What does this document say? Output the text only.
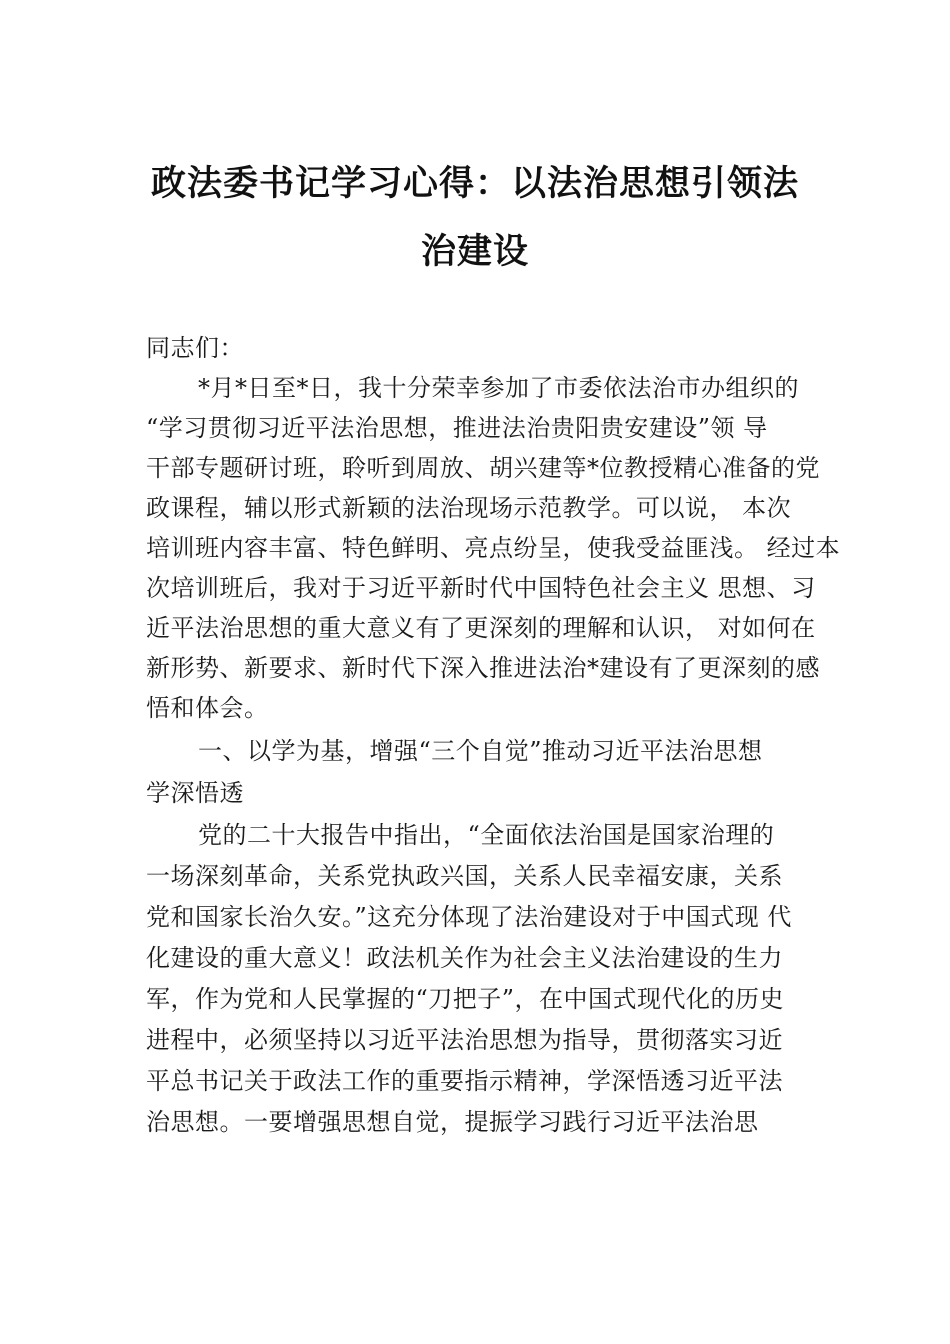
政法委书记学习心得：以法治思想引领法
治建设
同志们：
*月*日至*日，我十分荣幸参加了市委依法治市办组织的
“学习贯彻习近平法治思想，推进法治贵阳贵安建设”领 导
干部专题研讨班，聆听到周放、胡兴建等*位教授精心准备的党
政课程，辅以形式新颖的法治现场示范教学。可以说， 本次
培训班内容丰富、特色鲜明、亮点纷呈，使我受益匪浅。 经过本
次培训班后，我对于习近平新时代中国特色社会主义 思想、习
近平法治思想的重大意义有了更深刻的理解和认识， 对如何在
新形势、新要求、新时代下深入推进法治*建设有了更深刻的感
悟和体会。
一、以学为基，增强“三个自觉”推动习近平法治思想
学深悟透
党的二十大报告中指出，“全面依法治国是国家治理的
一场深刻革命，关系党执政兴国，关系人民幸福安康，关系
党和国家长治久安。”这充分体现了法治建设对于中国式现 代
化建设的重大意义！政法机关作为社会主义法治建设的生力
军，作为党和人民掌握的“刀把子”，在中国式现代化的历史
进程中，必须坚持以习近平法治思想为指导，贯彻落实习近
平总书记关于政法工作的重要指示精神，学深悟透习近平法
治思想。一要增强思想自觉，提振学习践行习近平法治思
